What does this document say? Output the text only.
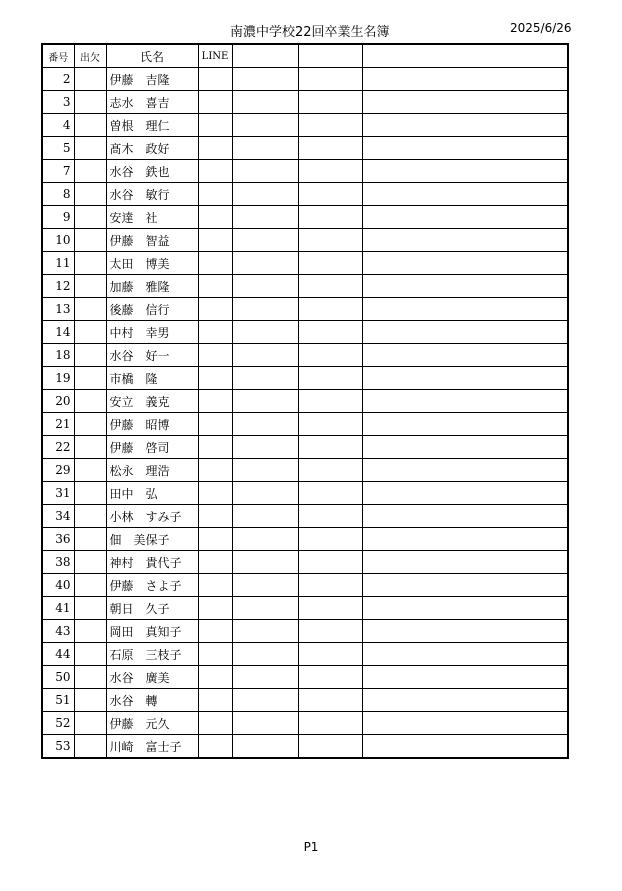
南濃中学校22回卒業生名簿	2025/6/26
番号	出欠	氏名	LINE			
2		伊藤　吉隆				
3		志水　喜吉				
4		曽根　理仁				
5		髙木　政好				
7		水谷　鉄也				
8		水谷　敏行				
9		安達　社				
10		伊藤　智益				
11		太田　博美				
12		加藤　雅隆				
13		後藤　信行				
14		中村　幸男				
18		水谷　好一				
19		市橋　隆				
20		安立　義克				
21		伊藤　昭博				
22		伊藤　啓司				
29		松永　理浩				
31		田中　弘				
34		小林　すみ子				
36		佃　美保子				
38		神村　貴代子				
40		伊藤　さよ子				
41		朝日　久子				
43		岡田　真知子				
44		石原　三枝子				
50		水谷　廣美				
51		水谷　轉				
52		伊藤　元久				
53		川崎　富士子				
P1
